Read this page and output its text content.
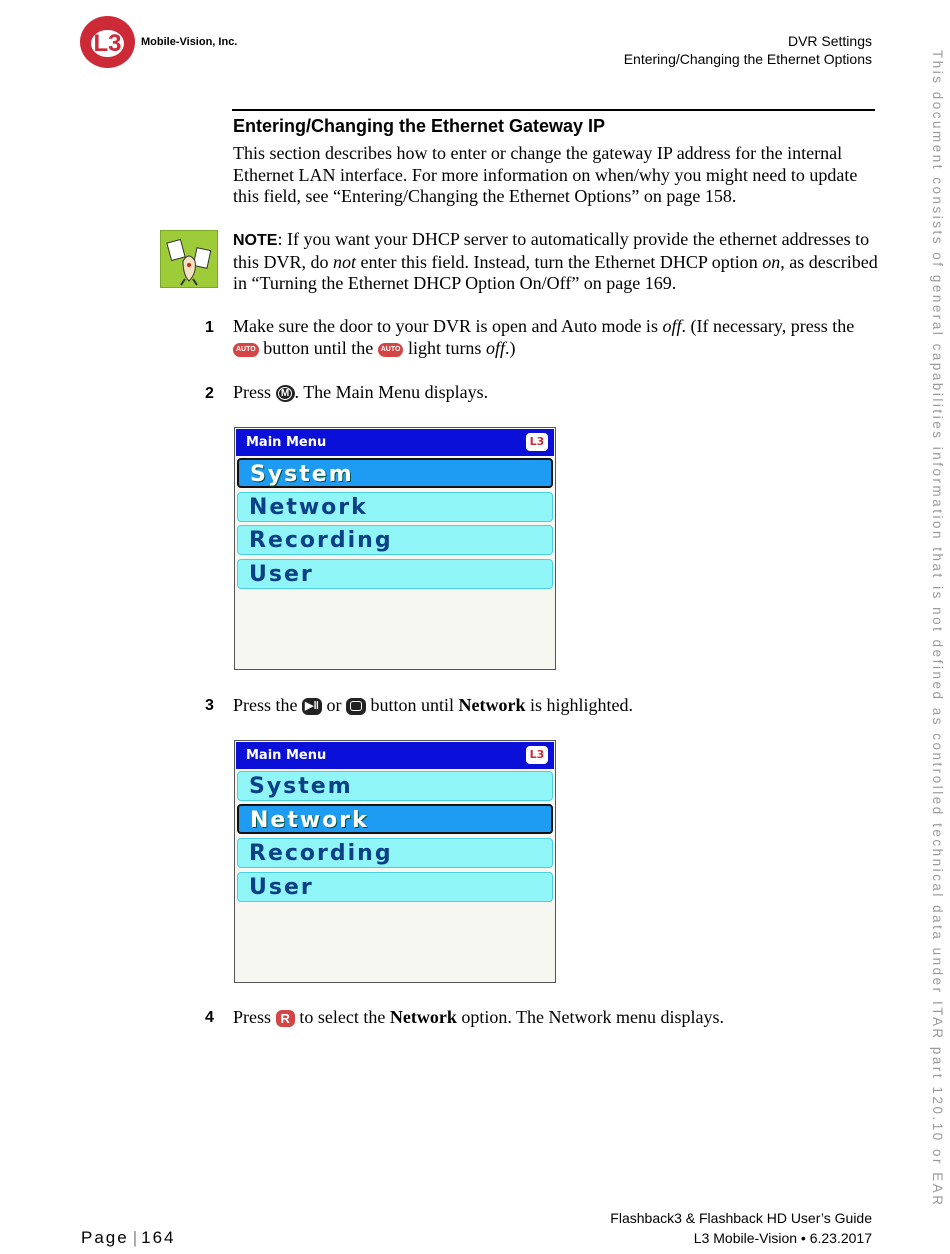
L3	Mobile-Vision, Inc.	DVR Settings
Entering/Changing the Ethernet Options	This document consists of general capabilities information that is not defined as controlled technical data under ITAR part 120.10 or EAR
Entering/Changing the Ethernet Gateway IP
This section describes how to enter or change the gateway IP address for the internal Ethernet LAN interface. For more information on when/why you might need to update this field, see “Entering/Changing the Ethernet Options” on page 158.
NOTE: If you want your DHCP server to automatically provide the ethernet addresses to this DVR, do not enter this field. Instead, turn the Ethernet DHCP option on, as described in “Turning the Ethernet DHCP Option On/Off” on page 169.
1 Make sure the door to your DVR is open and Auto mode is off. (If necessary, press the AUTO button until the AUTO light turns off.)
2 Press M . The Main Menu displays.
Main Menu	L3
System
Network
Recording
User
3 Press the ▶‖ or  button until Network is highlighted.
Main Menu	L3
System
Network
Recording
User
4 Press R to select the Network option. The Network menu displays.
Flashback3 & Flashback HD User’s Guide
L3 Mobile-Vision • 6.23.2017
Page | 164
